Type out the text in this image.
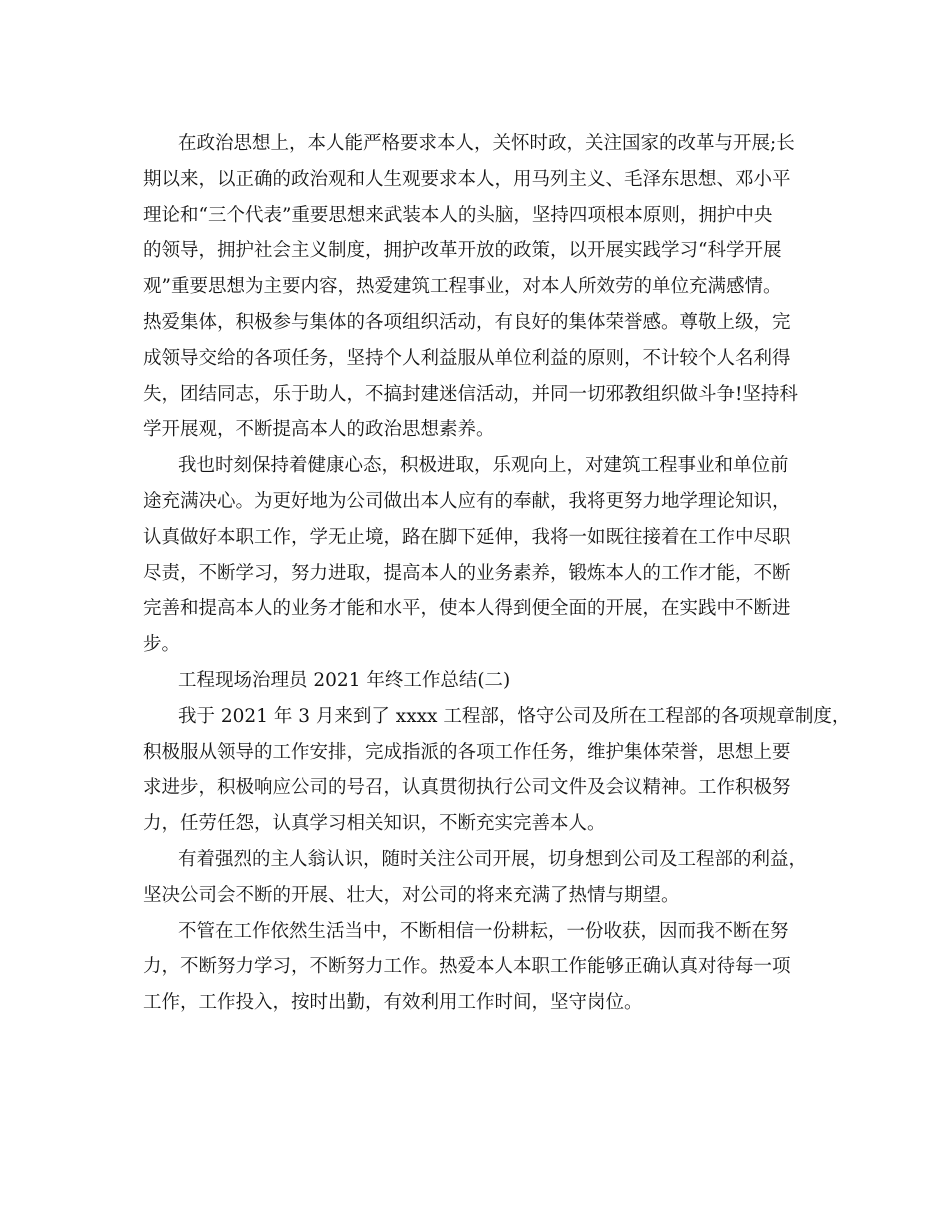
在政治思想上，本人能严格要求本人，关怀时政，关注国家的改革与开展;长
期以来，以正确的政治观和人生观要求本人，用马列主义、毛泽东思想、邓小平
理论和“三个代表”重要思想来武装本人的头脑，坚持四项根本原则，拥护中央
的领导，拥护社会主义制度，拥护改革开放的政策，以开展实践学习“科学开展
观”重要思想为主要内容，热爱建筑工程事业，对本人所效劳的单位充满感情。
热爱集体，积极参与集体的各项组织活动，有良好的集体荣誉感。尊敬上级，完
成领导交给的各项任务，坚持个人利益服从单位利益的原则，不计较个人名利得
失，团结同志，乐于助人，不搞封建迷信活动，并同一切邪教组织做斗争!坚持科
学开展观，不断提高本人的政治思想素养。
我也时刻保持着健康心态，积极进取，乐观向上，对建筑工程事业和单位前
途充满决心。为更好地为公司做出本人应有的奉献，我将更努力地学理论知识，
认真做好本职工作，学无止境，路在脚下延伸，我将一如既往接着在工作中尽职
尽责，不断学习，努力进取，提高本人的业务素养，锻炼本人的工作才能，不断
完善和提高本人的业务才能和水平，使本人得到便全面的开展，在实践中不断进
步。
工程现场治理员 2021 年终工作总结(二)
我于 2021 年 3 月来到了 xxxx 工程部，恪守公司及所在工程部的各项规章制度，
积极服从领导的工作安排，完成指派的各项工作任务，维护集体荣誉，思想上要
求进步，积极响应公司的号召，认真贯彻执行公司文件及会议精神。工作积极努
力，任劳任怨，认真学习相关知识，不断充实完善本人。
有着强烈的主人翁认识，随时关注公司开展，切身想到公司及工程部的利益，
坚决公司会不断的开展、壮大，对公司的将来充满了热情与期望。
不管在工作依然生活当中，不断相信一份耕耘，一份收获，因而我不断在努
力，不断努力学习，不断努力工作。热爱本人本职工作能够正确认真对待每一项
工作，工作投入，按时出勤，有效利用工作时间，坚守岗位。
